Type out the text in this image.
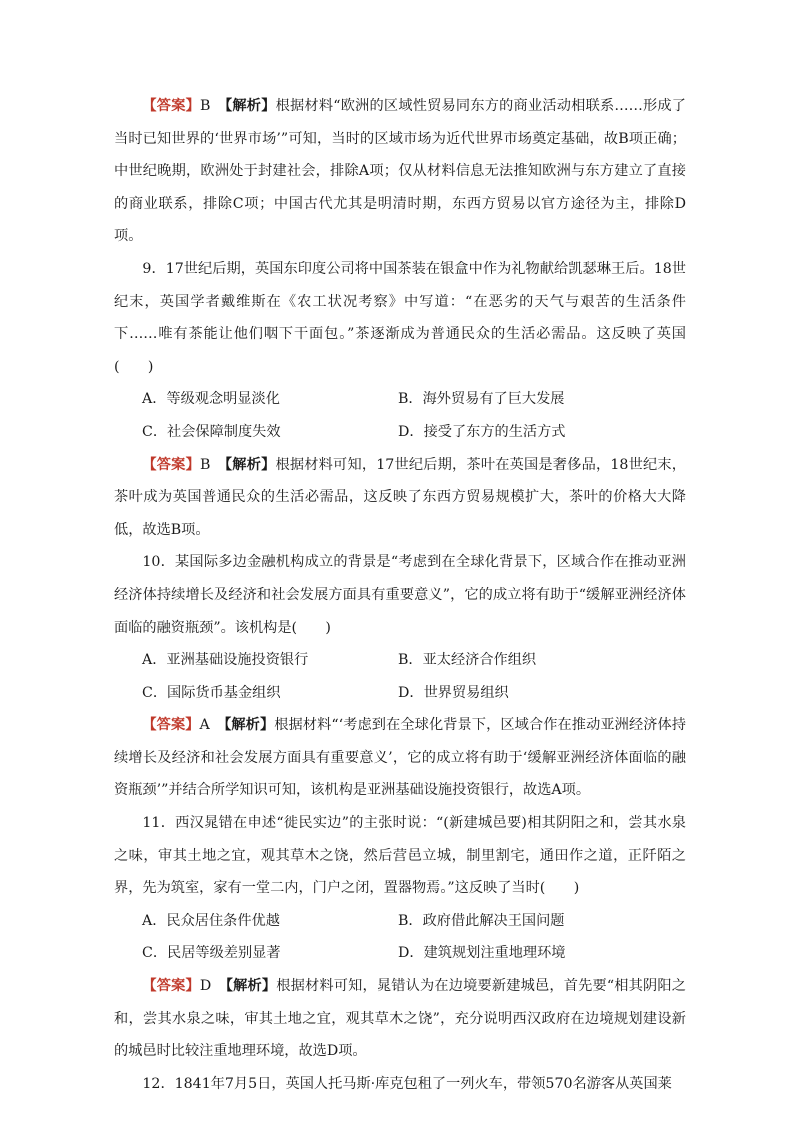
【答案】B　 【解析】根据材料“欧洲的区域性贸易同东方的商业活动相联系……形成了当时已知世界的‘世界市场’”可知，当时的区域市场为近代世界市场奠定基础，故B项正确；中世纪晚期，欧洲处于封建社会，排除A项；仅从材料信息无法推知欧洲与东方建立了直接的商业联系，排除C项；中国古代尤其是明清时期，东西方贸易以官方途径为主，排除D项。

9．17世纪后期，英国东印度公司将中国茶装在银盒中作为礼物献给凯瑟琳王后。18世纪末，英国学者戴维斯在《农工状况考察》中写道：“在恶劣的天气与艰苦的生活条件下……唯有茶能让他们咽下干面包。”茶逐渐成为普通民众的生活必需品。这反映了英国(　　)

A．等级观念明显淡化	B．海外贸易有了巨大发展

C．社会保障制度失效	D．接受了东方的生活方式

【答案】B　 【解析】根据材料可知，17世纪后期，茶叶在英国是奢侈品，18世纪末，茶叶成为英国普通民众的生活必需品，这反映了东西方贸易规模扩大，茶叶的价格大大降低，故选B项。

10．某国际多边金融机构成立的背景是“考虑到在全球化背景下，区域合作在推动亚洲经济体持续增长及经济和社会发展方面具有重要意义”，它的成立将有助于“缓解亚洲经济体面临的融资瓶颈”。该机构是(　　)

A．亚洲基础设施投资银行	B．亚太经济合作组织

C．国际货币基金组织	D．世界贸易组织

【答案】A　 【解析】根据材料“‘考虑到在全球化背景下，区域合作在推动亚洲经济体持续增长及经济和社会发展方面具有重要意义’，它的成立将有助于‘缓解亚洲经济体面临的融资瓶颈’”并结合所学知识可知，该机构是亚洲基础设施投资银行，故选A项。

11．西汉晁错在申述“徙民实边”的主张时说：“(新建城邑要)相其阴阳之和，尝其水泉之味，审其土地之宜，观其草木之饶，然后营邑立城，制里割宅，通田作之道，正阡陌之界，先为筑室，家有一堂二内，门户之闭，置器物焉。”这反映了当时(　　)

A．民众居住条件优越	B．政府借此解决王国问题

C．民居等级差别显著	D．建筑规划注重地理环境

【答案】D　 【解析】根据材料可知，晁错认为在边境要新建城邑，首先要“相其阴阳之和，尝其水泉之味，审其土地之宜，观其草木之饶”，充分说明西汉政府在边境规划建设新的城邑时比较注重地理环境，故选D项。

12．1841年7月5日，英国人托马斯·库克包租了一列火车，带领570名游客从英国莱
